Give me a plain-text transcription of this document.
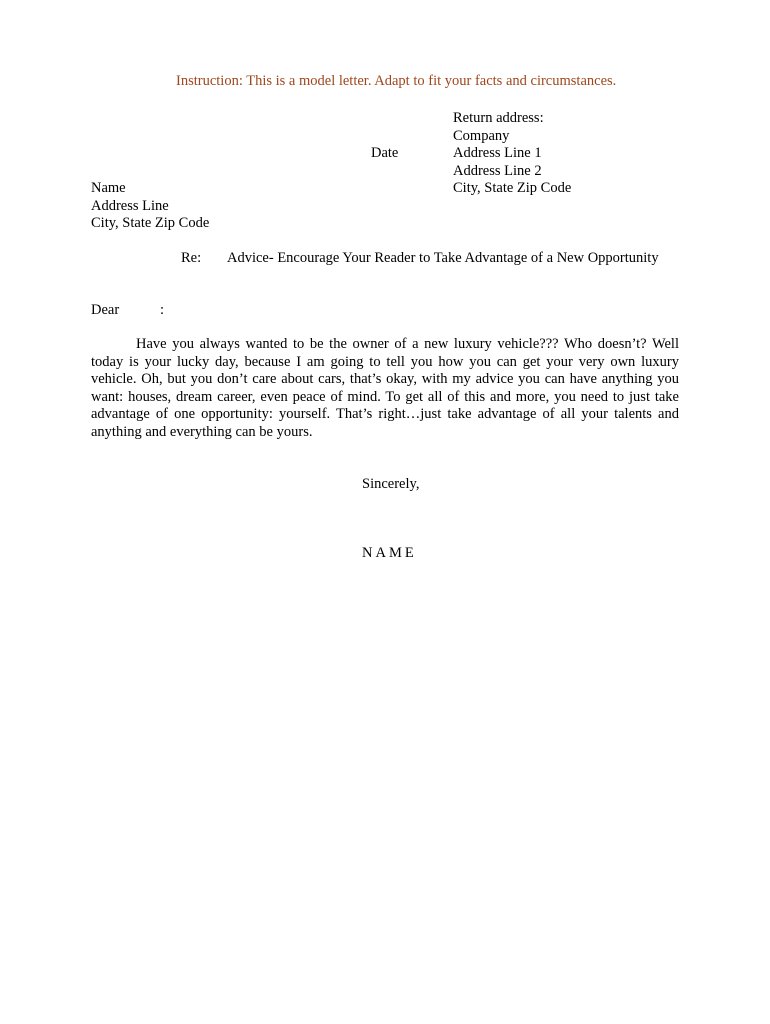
Instruction: This is a model letter. Adapt to fit your facts and circumstances.
Date
Return address:
Company
Address Line 1
Address Line 2
City, State Zip Code
Name
Address Line
City, State Zip Code
Re: Advice- Encourage Your Reader to Take Advantage of a New Opportunity
Dear	:
Have you always wanted to be the owner of a new luxury vehicle??? Who doesn’t? Well today is your lucky day, because I am going to tell you how you can get your very own luxury vehicle. Oh, but you don’t care about cars, that’s okay, with my advice you can have anything you want: houses, dream career, even peace of mind. To get all of this and more, you need to just take advantage of one opportunity: yourself. That’s right…just take advantage of all your talents and anything and everything can be yours.
Sincerely,
NAME
